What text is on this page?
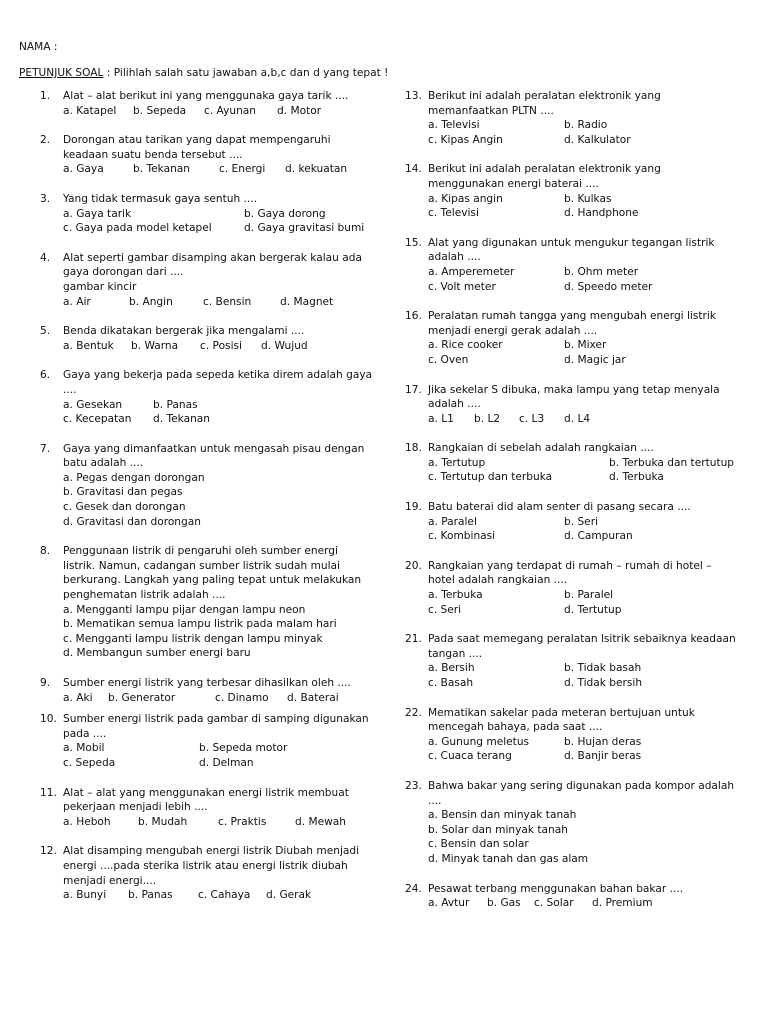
NAMA :
PETUNJUK SOAL : Pilihlah salah satu jawaban a,b,c dan d yang tepat !
1. Alat – alat berikut ini yang menggunaka gaya tarik ....
a. Katapel b. Sepeda c. Ayunan d. Motor
2. Dorongan atau tarikan yang dapat mempengaruhi
keadaan suatu benda tersebut ....
a. Gaya	b. Tekanan	c. Energi d. kekuatan
3. Yang tidak termasuk gaya sentuh ....
a. Gaya tarik	b. Gaya dorong
c. Gaya pada model ketapel	d. Gaya gravitasi bumi
4. Alat seperti gambar disamping akan bergerak kalau ada
gaya dorongan dari ....
gambar kincir
a. Air	b. Angin	c. Bensin	d. Magnet
5. Benda dikatakan bergerak jika mengalami ....
a. Bentuk b. Warna c. Posisi d. Wujud
6. Gaya yang bekerja pada sepeda ketika direm adalah gaya
....
a. Gesekan	b. Panas
c. Kecepatan	d. Tekanan
7. Gaya yang dimanfaatkan untuk mengasah pisau dengan
batu adalah ....
a. Pegas dengan dorongan
b. Gravitasi dan pegas
c. Gesek dan dorongan
d. Gravitasi dan dorongan
8. Penggunaan listrik di pengaruhi oleh sumber energi
listrik. Namun, cadangan sumber listrik sudah mulai
berkurang. Langkah yang paling tepat untuk melakukan
penghematan listrik adalah ....
a. Mengganti lampu pijar dengan lampu neon
b. Mematikan semua lampu listrik pada malam hari
c. Mengganti lampu listrik dengan lampu minyak
d. Membangun sumber energi baru
9. Sumber energi listrik yang terbesar dihasilkan oleh ....
a. Aki b. Generator	c. Dinamo d. Baterai
10. Sumber energi listrik pada gambar di samping digunakan
pada ....
a. Mobil	b. Sepeda motor
c. Sepeda	d. Delman
11. Alat – alat yang menggunakan energi listrik membuat
pekerjaan menjadi lebih ....
a. Heboh	b. Mudah	c. Praktis	d. Mewah
12. Alat disamping mengubah energi listrik Diubah menjadi
energi ....pada sterika listrik atau energi listrik diubah
menjadi energi....
a. Bunyi b. Panas c. Cahaya d. Gerak
13. Berikut ini adalah peralatan elektronik yang
memanfaatkan PLTN ....
a. Televisi	b. Radio
c. Kipas Angin	d. Kalkulator
14. Berikut ini adalah peralatan elektronik yang
menggunakan energi baterai ....
a. Kipas angin	b. Kulkas
c. Televisi	d. Handphone
15. Alat yang digunakan untuk mengukur tegangan listrik
adalah ....
a. Amperemeter	b. Ohm meter
c. Volt meter	d. Speedo meter
16. Peralatan rumah tangga yang mengubah energi listrik
menjadi energi gerak adalah ....
a. Rice cooker	b. Mixer
c. Oven	d. Magic jar
17. Jika sekelar S dibuka, maka lampu yang tetap menyala
adalah ....
a. L1 b. L2 c. L3 d. L4
18. Rangkaian di sebelah adalah rangkaian ....
a. Tertutup	b. Terbuka dan tertutup
c. Tertutup dan terbuka	d. Terbuka
19. Batu baterai did alam senter di pasang secara ....
a. Paralel	b. Seri
c. Kombinasi	d. Campuran
20. Rangkaian yang terdapat di rumah – rumah di hotel –
hotel adalah rangkaian ....
a. Terbuka	b. Paralel
c. Seri	d. Tertutup
21. Pada saat memegang peralatan lsitrik sebaiknya keadaan
tangan ....
a. Bersih	b. Tidak basah
c. Basah	d. Tidak bersih
22. Mematikan sakelar pada meteran bertujuan untuk
mencegah bahaya, pada saat ....
a. Gunung meletus	b. Hujan deras
c. Cuaca terang	d. Banjir beras
23. Bahwa bakar yang sering digunakan pada kompor adalah
....
a. Bensin dan minyak tanah
b. Solar dan minyak tanah
c. Bensin dan solar
d. Minyak tanah dan gas alam
24. Pesawat terbang menggunakan bahan bakar ....
a. Avtur b. Gas c. Solar d. Premium
